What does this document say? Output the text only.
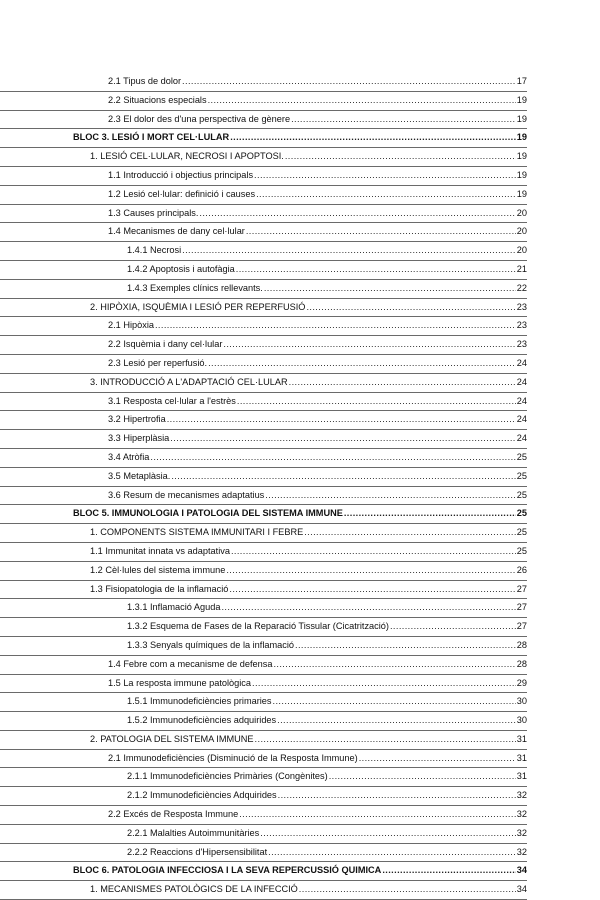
2.1 Tipus de dolor .....	17
2.2 Situacions especials .....	19
2.3 El dolor des d'una perspectiva de gènere .....	19
BLOC 3. LESIÓ I MORT CEL·LULAR .....	19
1. LESIÓ CEL·LULAR, NECROSI I APOPTOSI. .....	19
1.1 Introducció i objectius principals .....	19
1.2 Lesió cel·lular: definició i causes .....	19
1.3 Causes principals. .....	20
1.4 Mecanismes de dany cel·lular .....	20
1.4.1 Necrosi .....	20
1.4.2 Apoptosis i autofàgia .....	21
1.4.3 Exemples clínics rellevants. .....	22
2. HIPÒXIA, ISQUÈMIA I LESIÓ PER REPERFUSIÓ .....	23
2.1 Hipòxia .....	23
2.2 Isquèmia i dany cel·lular .....	23
2.3 Lesió per reperfusió. .....	24
3. INTRODUCCIÓ A L'ADAPTACIÓ CEL·LULAR .....	24
3.1 Resposta cel·lular a l'estrès .....	24
3.2 Hipertrofia .....	24
3.3 Hiperplàsia .....	24
3.4 Atròfia .....	25
3.5 Metaplàsia. .....	25
3.6 Resum de mecanismes adaptatius .....	25
BLOC 5. IMMUNOLOGIA I PATOLOGIA DEL SISTEMA IMMUNE .....	25
1. COMPONENTS SISTEMA IMMUNITARI I FEBRE .....	25
1.1 Immunitat innata vs adaptativa .....	25
1.2 Cèl·lules del sistema immune .....	26
1.3 Fisiopatologia de la inflamació .....	27
1.3.1 Inflamació Aguda .....	27
1.3.2 Esquema de Fases de la Reparació Tissular (Cicatrització) .....	27
1.3.3 Senyals químiques de la inflamació .....	28
1.4 Febre com a mecanisme de defensa .....	28
1.5 La resposta immune patològica .....	29
1.5.1 Immunodeficiències primaries .....	30
1.5.2 Immunodeficiències adquirides .....	30
2. PATOLOGIA DEL SISTEMA IMMUNE .....	31
2.1 Immunodeficiències (Disminució de la Resposta Immune) .....	31
2.1.1 Immunodeficiències Primàries (Congènites) .....	31
2.1.2 Immunodeficiències Adquirides .....	32
2.2 Excés de Resposta Immune .....	32
2.2.1 Malalties Autoimmunitàries .....	32
2.2.2 Reaccions d'Hipersensibilitat .....	32
BLOC 6. PATOLOGIA INFECCIOSA I LA SEVA REPERCUSSIÓ QUIMICA .....	34
1. MECANISMES PATOLÒGICS DE LA INFECCIÓ .....	34
